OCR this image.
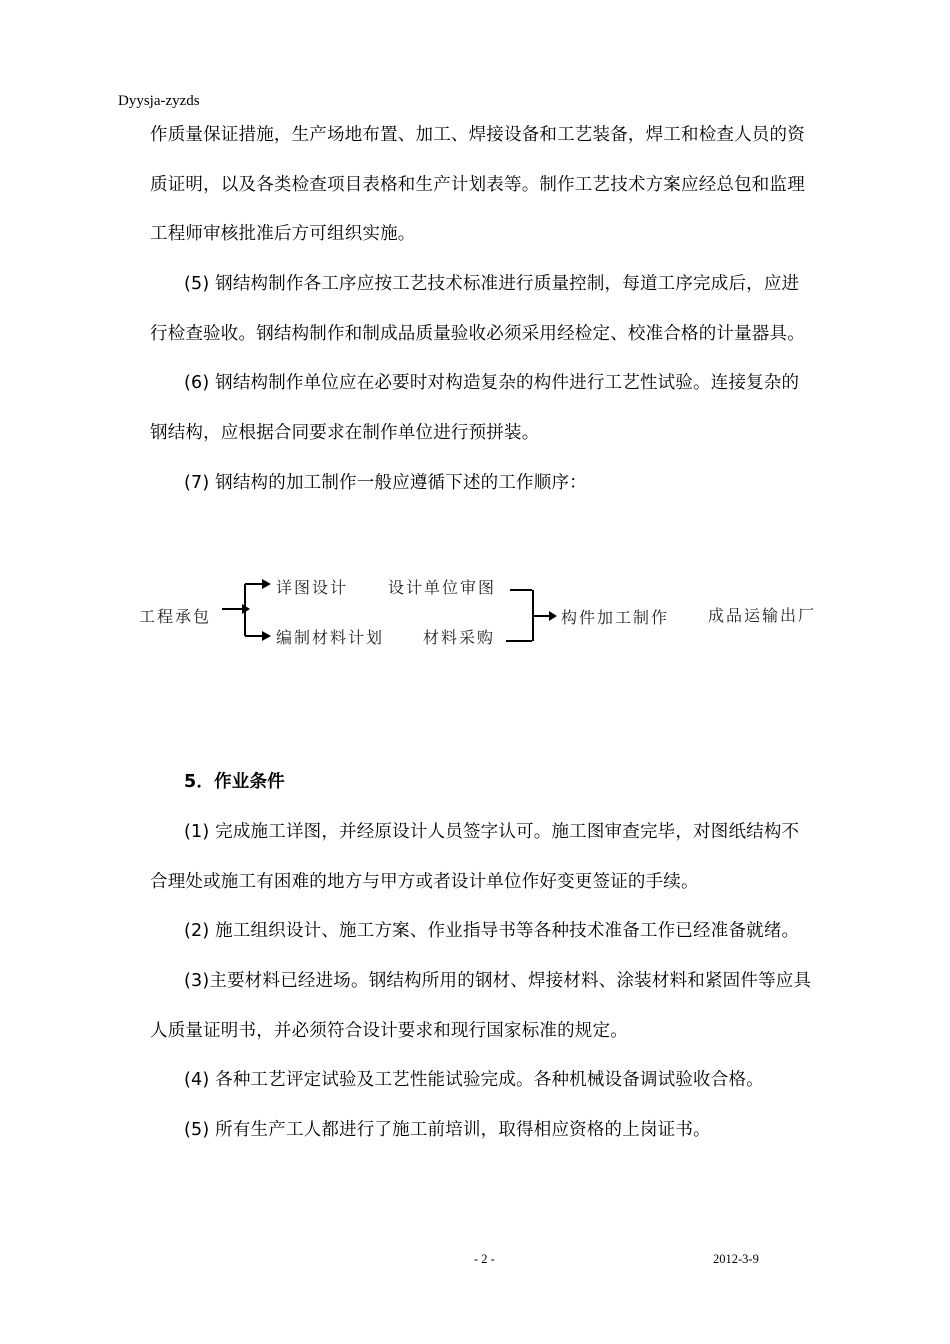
Dyysja-zyzds
作质量保证措施，生产场地布置、加工、焊接设备和工艺装备，焊工和检查人员的资
质证明，以及各类检查项目表格和生产计划表等。制作工艺技术方案应经总包和监理
工程师审核批准后方可组织实施。
(5) 钢结构制作各工序应按工艺技术标准进行质量控制，每道工序完成后，应进
行检查验收。钢结构制作和制成品质量验收必须采用经检定、校准合格的计量器具。
(6) 钢结构制作单位应在必要时对构造复杂的构件进行工艺性试验。连接复杂的
钢结构，应根据合同要求在制作单位进行预拼装。
(7) 钢结构的加工制作一般应遵循下述的工作顺序：
工程承包
详图设计 设计单位审图
编制材料计划 材料采购
构件加工制作 成品运输出厂
5．作业条件
(1) 完成施工详图，并经原设计人员签字认可。施工图审查完毕，对图纸结构不
合理处或施工有困难的地方与甲方或者设计单位作好变更签证的手续。
(2) 施工组织设计、施工方案、作业指导书等各种技术准备工作已经准备就绪。
(3)主要材料已经进场。钢结构所用的钢材、焊接材料、涂装材料和紧固件等应具
人质量证明书，并必须符合设计要求和现行国家标准的规定。
(4) 各种工艺评定试验及工艺性能试验完成。各种机械设备调试验收合格。
(5) 所有生产工人都进行了施工前培训，取得相应资格的上岗证书。
- 2 -	2012-3-9
